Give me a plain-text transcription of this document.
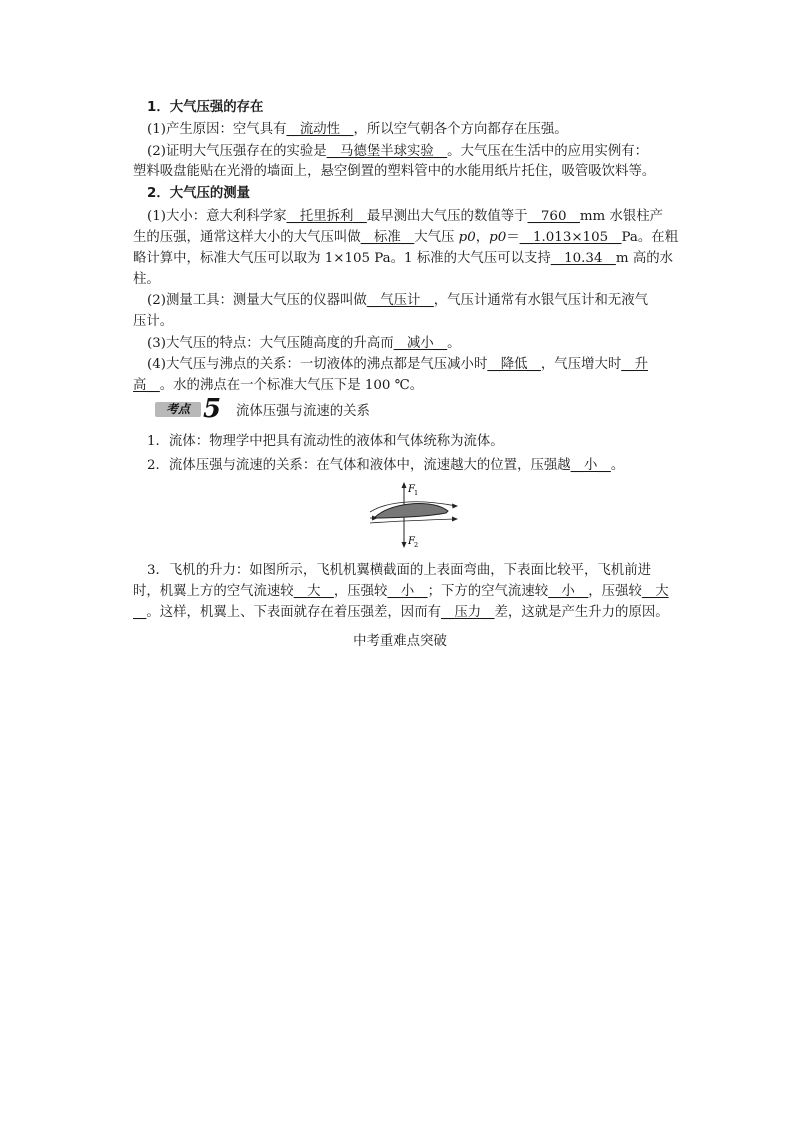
1．大气压强的存在
(1)产生原因：空气具有__流动性__，所以空气朝各个方向都存在压强。
(2)证明大气压强存在的实验是__马德堡半球实验__。大气压在生活中的应用实例有：
塑料吸盘能贴在光滑的墙面上，悬空倒置的塑料管中的水能用纸片托住，吸管吸饮料等。
2．大气压的测量
(1)大小：意大利科学家__托里拆利__最早测出大气压的数值等于__760__mm 水银柱产
生的压强，通常这样大小的大气压叫做__标准__大气压 p0，p0＝__1.013×105__Pa。在粗
略计算中，标准大气压可以取为 1×105 Pa。1 标准的大气压可以支持__10.34__m 高的水
柱。
(2)测量工具：测量大气压的仪器叫做__气压计__，气压计通常有水银气压计和无液气
压计。
(3)大气压的特点：大气压随高度的升高而__减小__。
(4)大气压与沸点的关系：一切液体的沸点都是气压减小时__降低__，气压增大时__升
高__。水的沸点在一个标准大气压下是 100 ℃。
考点 5 流体压强与流速的关系
1．流体：物理学中把具有流动性的液体和气体统称为流体。
2．流体压强与流速的关系：在气体和液体中，流速越大的位置，压强越__小__。
F 1
F 2
3．飞机的升力：如图所示，飞机机翼横截面的上表面弯曲，下表面比较平，飞机前进
时，机翼上方的空气流速较__大__，压强较__小__；下方的空气流速较__小__，压强较__大
__。这样，机翼上、下表面就存在着压强差，因而有__压力__差，这就是产生升力的原因。
中考重难点突破
